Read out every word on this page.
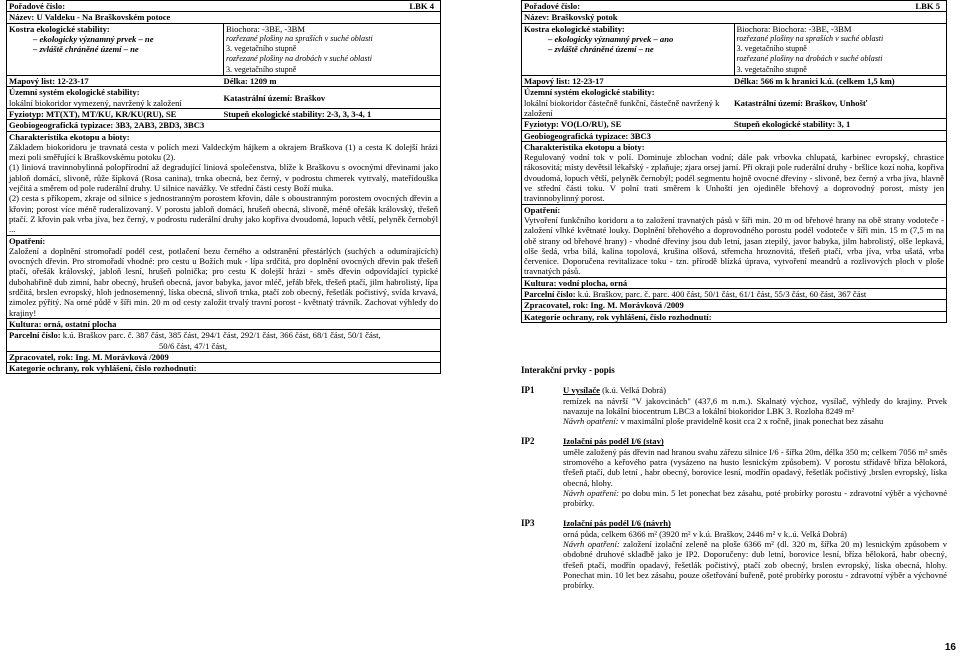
Pořadové číslo:	LBK 4
Název: U Valdeku - Na Braškovském potoce
Kostra ekologické stability:
– ekologicky významný prvek – ne
– zvláště chráněné území – ne
Biochora: -3BE, -3BM
rozřezané plošiny na spraších v suché oblasti
3. vegetačního stupně
rozřezané plošiny na drobách v suché oblasti
3. vegetačního stupně
Mapový list: 12-23-17	Délka: 1209 m
Územní systém ekologické stability:
lokální biokoridor vymezený, navržený k založení
Katastrální území: Braškov
Fyziotyp: MT(XT), MT/KU, KR/KU(RU), SE	Stupeň ekologické stability: 2-3, 3, 3-4, 1
Geobiogeografická typizace: 3B3, 2AB3, 2BD3, 3BC3
Charakteristika ekotopu a bioty:

Základem biokoridoru je travnatá cesta v polích mezi Valdeckým hájkem a okrajem Braškova (1) a cesta K dolejší hrázi mezi poli směřující k Braškovskému potoku (2).

(1) liniová travinnobylinná polopřírodní až degradující liniová společenstva, blíže k Braškovu s ovocnými dřevinami jako jabloň domácí, slivoně, růže šípková (Rosa canina), trnka obecná, bez černý, v podrostu chmerek vytrvalý, mateřídouška vejčitá a směrem od pole ruderální druhy. U silnice navážky. Ve střední části cesty Boží muka.

(2) cesta s příkopem, zkraje od silnice s jednostranným porostem křovin, dále s oboustranným porostem ovocných dřevin a křovin; porost více méně ruderalizovaný. V porostu jabloň domácí, hrušeň obecná, slivoně, méně ořešák královský, třešeň ptačí. Z křovin pak vrba jíva, bez černý, v podrostu ruderální druhy jako kopřiva dvoudomá, lopuch větší, pelyněk černobýl ...

Opatření:

Založení a doplnění stromořadí podél cest, potlačení bezu černého a odstranění přestárlých (suchých a odumírajících) ovocných dřevin. Pro stromořadí vhodné: pro cestu u Božích muk - lípa srdčitá, pro doplnění ovocných dřevin pak třešeň ptačí, ořešák královský, jabloň lesní, hrušeň polnička; pro cestu K dolejší hrázi - směs dřevin odpovídající typické dubohabřině dub zimní, habr obecný, hrušeň obecná, javor babyka, javor mléč, jeřáb břek, třešeň ptačí, jilm habrolistý, lípa srdčitá, brslen evropský, hloh jednosemenný, líska obecná, slivoň trnka, ptačí zob obecný, řešetlák počistivý, svída krvavá, zimolez pýřitý. Na orné půdě v šíři min. 20 m od cesty založit trvalý travní porost - květnatý trávník. Zachovat výhledy do krajiny!

Kultura: orná, ostatní plocha
Parcelní číslo: k.ú. Braškov parc. č. 387 část, 385 část, 294/1 část, 292/1 část, 366 část, 68/1 část, 50/1 část,
50/6 část, 47/1 část,
Zpracovatel, rok: Ing. M. Morávková /2009
Kategorie ochrany, rok vyhlášení, číslo rozhodnutí:
Pořadové číslo:	LBK 5
Název: Braškovský potok
Kostra ekologické stability:
– ekologicky významný prvek – ano
– zvláště chráněné území – ne
Biochora: Biochora: -3BE, -3BM
rozřezané plošiny na spraších v suché oblasti
3. vegetačního stupně
rozřezané plošiny na drobách v suché oblasti
3. vegetačního stupně
Mapový list: 12-23-17	Délka: 566 m k hranici k.ú. (celkem 1,5 km)
Územní systém ekologické stability:
lokální biokoridor částečně funkční, částečně navržený k založení
Katastrální území: Braškov, Unhošť
Fyziotyp: VO(LO/RU), SE	Stupeň ekologické stability: 3, 1
Geobiogeografická typizace: 3BC3
Charakteristika ekotopu a bioty:

Regulovaný vodní tok v polí. Dominuje zblochan vodní; dále pak vrbovka chlupatá, karbinec evropský, chrastice rákosovitá; místy devětsil lékařský - zplaňuje; zjara orsej jarní. Při okraji pole ruderální druhy - bršlice kozí noha, kopřiva dvoudomá, lopuch větší, pelyněk černobýl; podél segmentu hojně ovocné dřeviny - slivoně, bez černý a vrba jíva, hlavně ve střední části toku. V polní trati směrem k Unhošti jen ojediněle břehový a doprovodný porost, místy jen travinnobylinný porost.

Opatření:

Vytvoření funkčního koridoru a to založení travnatých pásů v šíři min. 20 m od břehové hrany na obě strany vodoteče - založení vlhké květnaté louky. Doplnění břehového a doprovodného porostu podél vodoteče v šíři min. 15 m (7,5 m na obě strany od břehové hrany) - vhodné dřeviny jsou dub letní, jasan ztepilý, javor babyka, jilm habrolistý, olše lepkavá, olše šedá, vrba bílá, kalina topolová, krušina olšová, střemcha hroznovitá, třešeň ptačí, vrba jíva, vrba ušatá, vrba červenice. Doporučena revitalizace toku - tzn. přírodě blízká úprava, vytvoření meandrů a rozlivových ploch v ploše travnatých pásů.

Kultura: vodní plocha, orná
Parcelní číslo: k.ú. Braškov, parc. č. parc. 400 část, 50/1 část, 61/1 část, 55/3 část, 60 část, 367 část
Zpracovatel, rok: Ing. M. Morávková /2009
Kategorie ochrany, rok vyhlášení, číslo rozhodnutí:
Interakční prvky - popis
IP1	U vysílače (k.ú. Velká Dobrá)
remízek na návrší "V jakovcinách" (437,6 m n.m.). Skalnatý výchoz, vysílač, výhledy do krajiny. Prvek navazuje na lokální biocentrum LBC3 a lokální biokoridor LBK 3. Rozloha 8249 m²
Návrh opatření: v maximální ploše pravidelně kosit cca 2 x ročně, jinak ponechat bez zásahu
IP2	Izolační pás podél I/6 (stav)
uměle založený pás dřevin nad hranou svahu zářezu silnice I/6 - šířka 20m, délka 350 m; celkem 7056 m² směs stromového a keřového patra (vysázeno na husto lesnickým způsobem). V porostu střídavě bříza bělokorá, třešeň ptačí, dub letní , habr obecný, borovice lesní, modřín opadavý, řešetlák počistivý ,brslen evropský, líska obecná, hlohy.
Návrh opatření: po dobu min. 5 let ponechat bez zásahu, poté probírky porostu - zdravotní výběr a výchovné probírky.
IP3	Izolační pás podél I/6 (návrh)
orná půda, celkem 6366 m² (3920 m² v k.ú. Braškov, 2446 m² v k..ú. Velká Dobrá)
Návrh opatření: založení izolační zeleně na ploše 6366 m² (dl. 320 m, šířka 20 m) lesnickým způsobem v obdobné druhové skladbě jako je IP2. Doporučeny: dub letní, borovice lesní, bříza bělokorá, habr obecný, třešeň ptačí, modřín opadavý, řešetlák počistivý, ptačí zob obecný, brslen evropský, líska obecná, hlohy. Ponechat min. 10 let bez zásahu, pouze ošetřování buřeně, poté probírky porostu - zdravotní výběr a výchovné probírky.
16
